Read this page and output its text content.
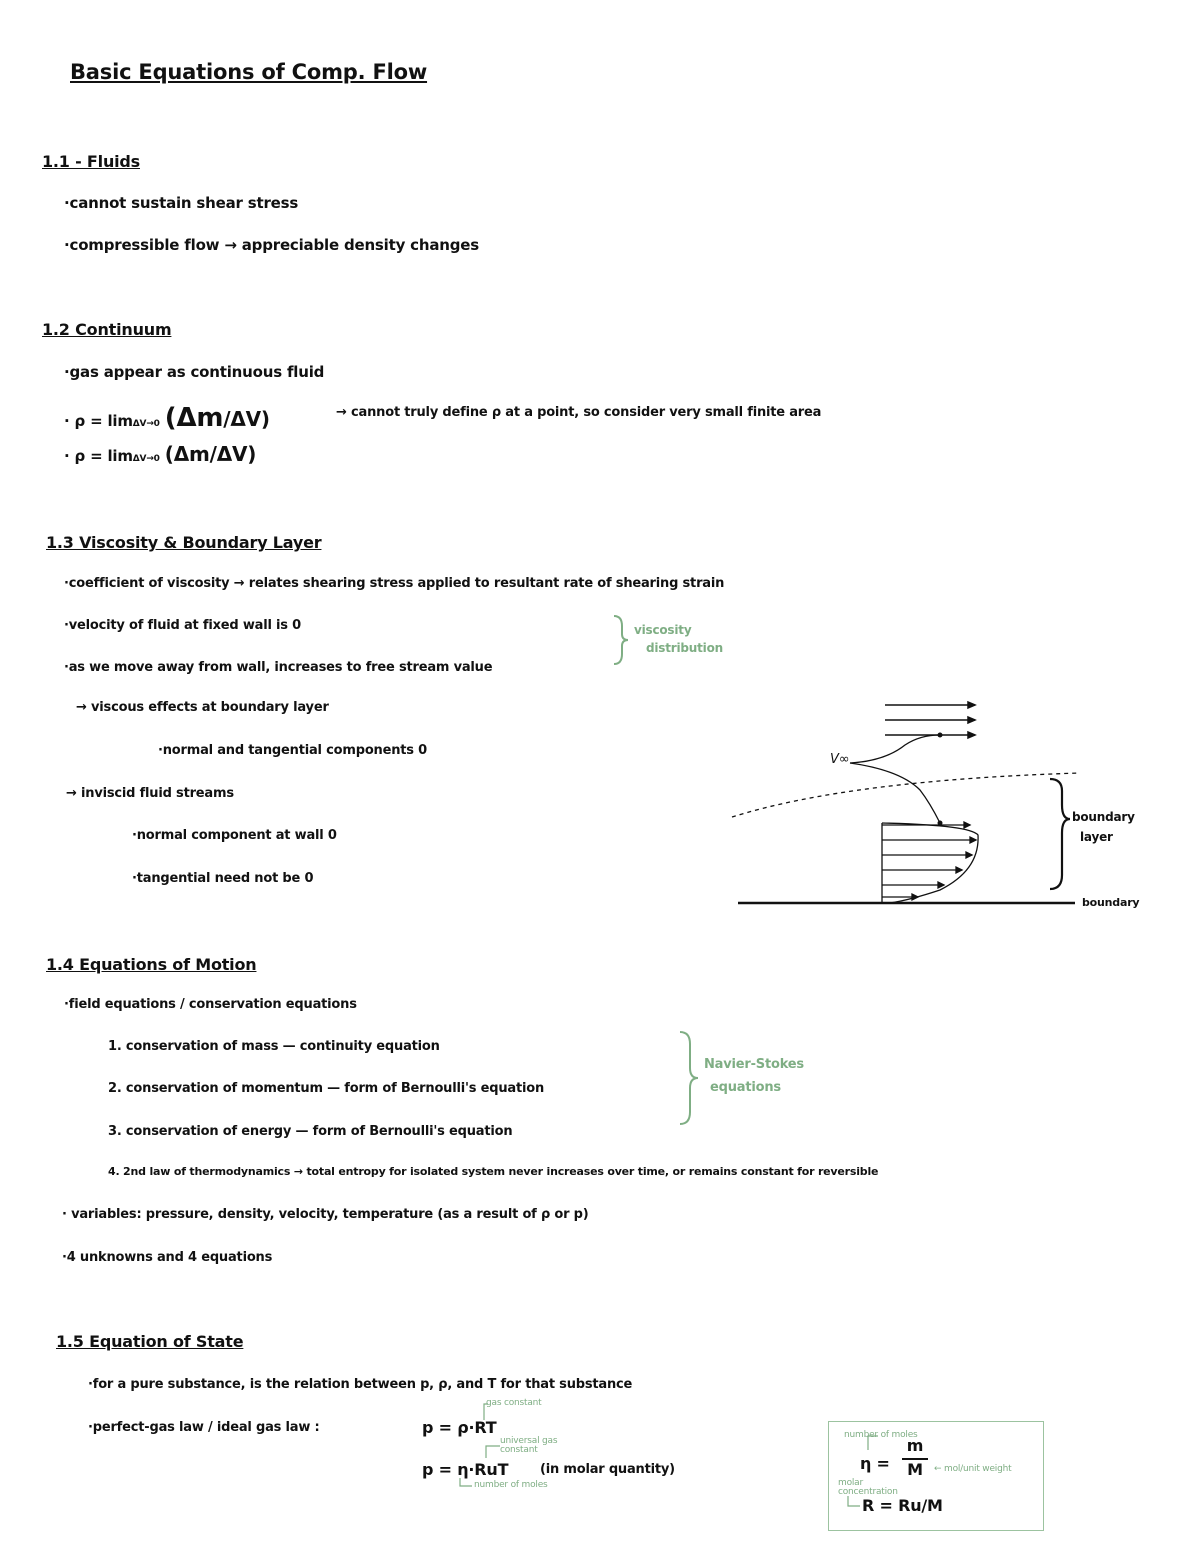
Basic Equations of Comp. Flow
1.1 - Fluids
·cannot sustain shear stress
·compressible flow → appreciable density changes
1.2 Continuum
·gas appear as continuous fluid
· ρ = limΔV→0 (Δm/ΔV)	→ cannot truly define ρ at a point, so consider very small finite area
· ρ = limΔV→0 (Δm/ΔV)
1.3 Viscosity & Boundary Layer
·coefficient of viscosity → relates shearing stress applied to resultant rate of shearing strain
·velocity of fluid at fixed wall is 0
·as we move away from wall, increases to free stream value
→ viscous effects at boundary layer
·normal and tangential components 0
→ inviscid fluid streams
·normal component at wall 0
·tangential need not be 0
viscosity
distribution
V∞
boundary
layer
boundary
1.4 Equations of Motion
·field equations / conservation equations
1. conservation of mass — continuity equation
2. conservation of momentum — form of Bernoulli's equation
3. conservation of energy — form of Bernoulli's equation
4. 2nd law of thermodynamics → total entropy for isolated system never increases over time, or remains constant for reversible
Navier-Stokes
equations
· variables: pressure, density, velocity, temperature (as a result of ρ or p)
·4 unknowns and 4 equations
1.5 Equation of State
·for a pure substance, is the relation between p, ρ, and T for that substance
·perfect-gas law / ideal gas law :
gas constant
p = ρ·RT
universal gas constant
p = η·RuT (in molar quantity)
number of moles
number of moles
η =
m
M	← mol/unit weight
molar concentration
R = Ru/M
